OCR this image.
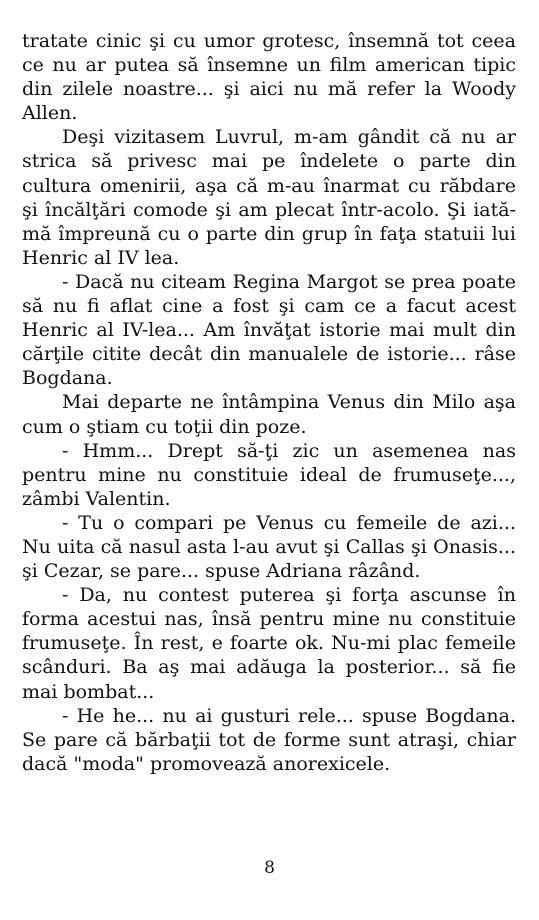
tratate cinic şi cu umor grotesc, însemnă tot ceea ce nu ar putea să însemne un film american tipic din zilele noastre... şi aici nu mă refer la Woody Allen.

Deşi vizitasem Luvrul, m-am gândit că nu ar strica să privesc mai pe îndelete o parte din cultura omenirii, aşa că m-au înarmat cu răbdare şi încălţări comode şi am plecat într-acolo. Şi iată-mă împreună cu o parte din grup în faţa statuii lui Henric al IV lea.

- Dacă nu citeam Regina Margot se prea poate să nu fi aflat cine a fost şi cam ce a facut acest Henric al IV-lea... Am învăţat istorie mai mult din cărţile citite decât din manualele de istorie... râse Bogdana.

Mai departe ne întâmpina Venus din Milo aşa cum o ştiam cu toţii din poze.

- Hmm... Drept să-ţi zic un asemenea nas pentru mine nu constituie ideal de frumuseţe..., zâmbi Valentin.

- Tu o compari pe Venus cu femeile de azi... Nu uita că nasul asta l-au avut şi Callas şi Onasis... şi Cezar, se pare... spuse Adriana râzând.

- Da, nu contest puterea şi forţa ascunse în forma acestui nas, însă pentru mine nu constituie frumuseţe. În rest, e foarte ok. Nu-mi plac femeile scânduri. Ba aş mai adăuga la posterior... să fie mai bombat...

- He he... nu ai gusturi rele... spuse Bogdana. Se pare că bărbaţii tot de forme sunt atraşi, chiar dacă "moda" promovează anorexicele.

8
